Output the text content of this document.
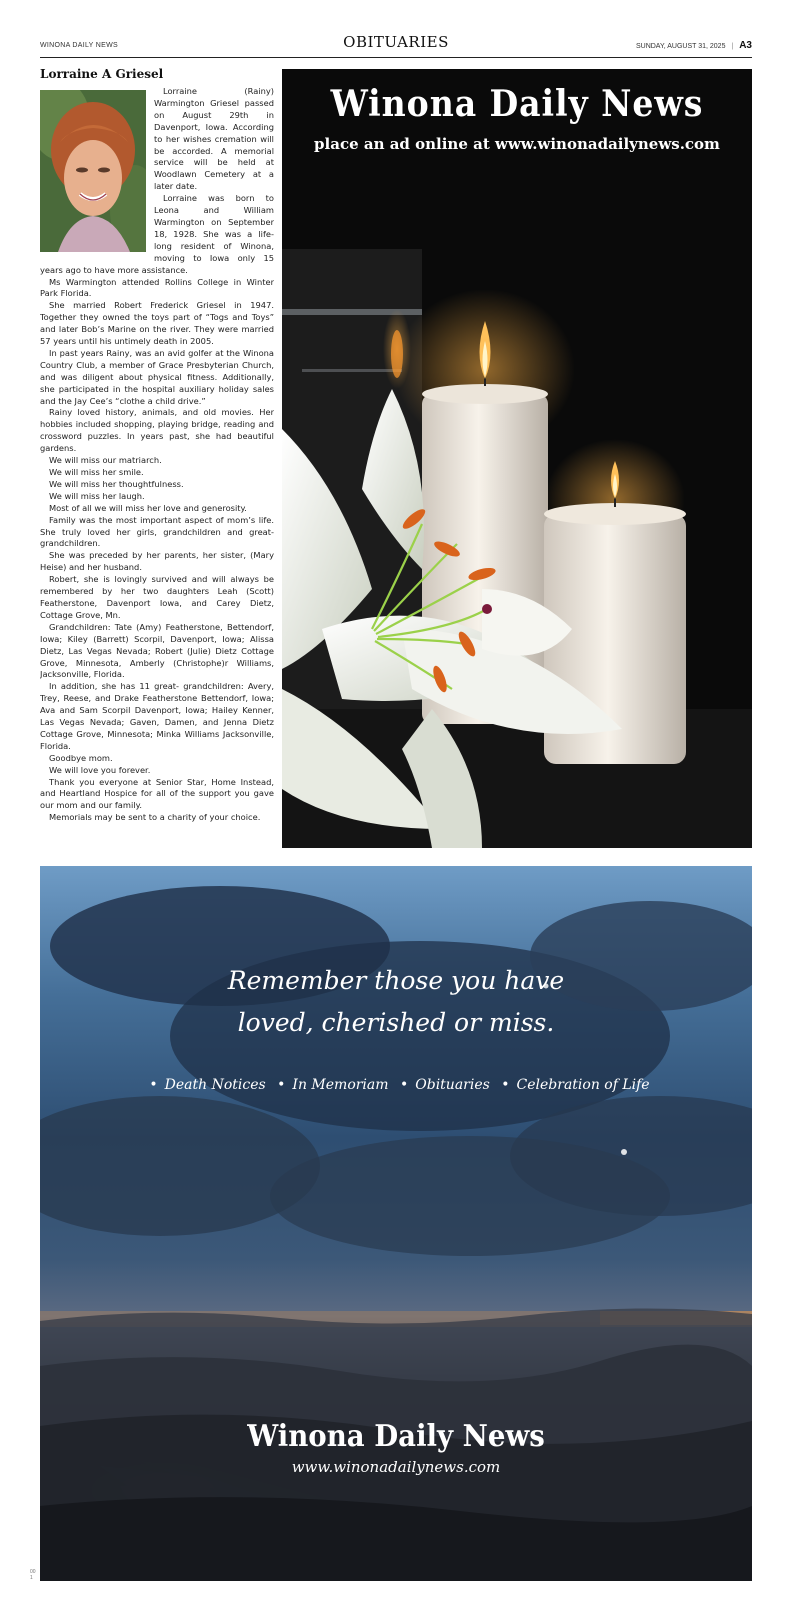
WINONA DAILY NEWS	OBITUARIES	SUNDAY, AUGUST 31, 2025 | A3
Lorraine A Griesel

Lorraine (Rainy) Warmington Griesel passed on August 29th in Davenport, Iowa. According to her wishes cremation will be accorded. A memorial service will be held at Woodlawn Cemetery at a later date.

Lorraine was born to Leona and William Warmington on September 18, 1928. She was a life-long resident of Winona, moving to Iowa only 15 years ago to have more assistance.

Ms Warmington attended Rollins College in Winter Park Florida.

She married Robert Frederick Griesel in 1947. Together they owned the toys part of “Togs and Toys” and later Bob’s Marine on the river. They were married 57 years until his untimely death in 2005.

In past years Rainy, was an avid golfer at the Winona Country Club, a member of Grace Presbyterian Church, and was diligent about physical fitness. Additionally, she participated in the hospital auxiliary holiday sales and the Jay Cee’s “clothe a child drive.”

Rainy loved history, animals, and old movies. Her hobbies included shopping, playing bridge, reading and crossword puzzles. In years past, she had beautiful gardens.

We will miss our matriarch.

We will miss her smile.

We will miss her thoughtfulness.

We will miss her laugh.

Most of all we will miss her love and generosity.

Family was the most important aspect of mom’s life. She truly loved her girls, grandchildren and great-grandchildren.

She was preceded by her parents, her sister, (Mary Heise) and her husband.

Robert, she is lovingly survived and will always be remembered by her two daughters Leah (Scott) Featherstone, Davenport Iowa, and Carey Dietz, Cottage Grove, Mn.

Grandchildren: Tate (Amy) Featherstone, Bettendorf, Iowa; Kiley (Barrett) Scorpil, Davenport, Iowa; Alissa Dietz, Las Vegas Nevada; Robert (Julie) Dietz Cottage Grove, Minnesota, Amberly (Christophe)r Williams, Jacksonville, Florida.

In addition, she has 11 great- grandchildren: Avery, Trey, Reese, and Drake Featherstone Bettendorf, Iowa; Ava and Sam Scorpil Davenport, Iowa; Hailey Kenner, Las Vegas Nevada; Gaven, Damen, and Jenna Dietz Cottage Grove, Minnesota; Minka Williams Jacksonville, Florida.

Goodbye mom.

We will love you forever.

Thank you everyone at Senior Star, Home Instead, and Heartland Hospice for all of the support you gave our mom and our family.

Memorials may be sent to a charity of your choice.

Winona Daily News
place an ad online at www.winonadailynews.com
Remember those you have
loved, cherished or miss.
• Death Notices • In Memoriam • Obituaries • Celebration of Life
Winona Daily News
www.winonadailynews.com
00
1
